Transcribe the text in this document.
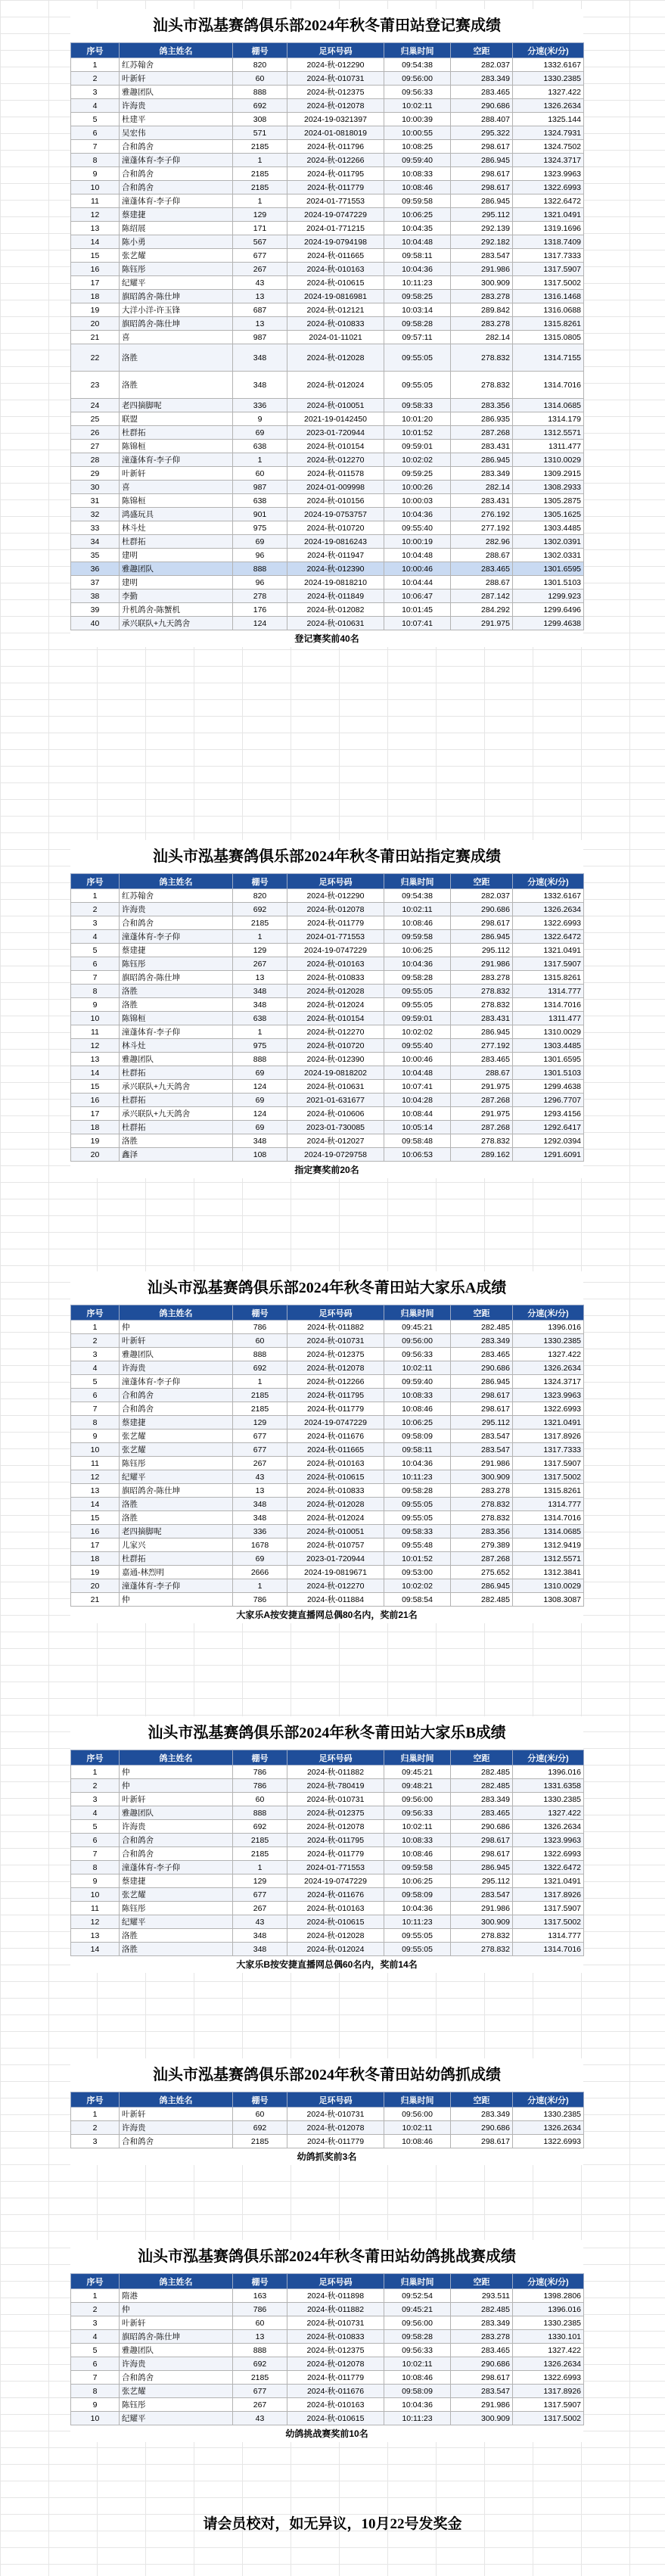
汕头市泓基赛鸽俱乐部2024年秋冬莆田站登记赛成绩
序号	鸽主姓名	棚号	足环号码	归巢时间	空距	分速(米/分)
1	红苏翰舍	820	2024-秋-012290	09:54:38	282.037	1332.6167
2	叶新轩	60	2024-秋-010731	09:56:00	283.349	1330.2385
3	雅趣团队	888	2024-秋-012375	09:56:33	283.465	1327.422
4	许海贵	692	2024-秋-012078	10:02:11	290.686	1326.2634
5	杜建平	308	2024-19-0321397	10:00:39	288.407	1325.144
6	吴宏伟	571	2024-01-0818019	10:00:55	295.322	1324.7931
7	合和鸽舍	2185	2024-秋-011796	10:08:25	298.617	1324.7502
8	潼蓬体育-李子仰	1	2024-秋-012266	09:59:40	286.945	1324.3717
9	合和鸽舍	2185	2024-秋-011795	10:08:33	298.617	1323.9963
10	合和鸽舍	2185	2024-秋-011779	10:08:46	298.617	1322.6993
11	潼蓬体育-李子仰	1	2024-01-771553	09:59:58	286.945	1322.6472
12	蔡建捷	129	2024-19-0747229	10:06:25	295.112	1321.0491
13	陈绍展	171	2024-01-771215	10:04:35	292.139	1319.1696
14	陈小勇	567	2024-19-0794198	10:04:48	292.182	1318.7409
15	张艺耀	677	2024-秋-011665	09:58:11	283.547	1317.7333
16	陈钰彤	267	2024-秋-010163	10:04:36	291.986	1317.5907
17	纪耀平	43	2024-秋-010615	10:11:23	300.909	1317.5002
18	旗昭鸽舍-陈仕坤	13	2024-19-0816981	09:58:25	283.278	1316.1468
19	大洋小洋-许玉锋	687	2024-秋-012121	10:03:14	289.842	1316.0688
20	旗昭鸽舍-陈仕坤	13	2024-秋-010833	09:58:28	283.278	1315.8261
21	喜	987	2024-01-11021	09:57:11	282.14	1315.0805
22	洛胜	348	2024-秋-012028	09:55:05	278.832	1314.7155
23	洛胜	348	2024-秋-012024	09:55:05	278.832	1314.7016
24	老四摘脚呢	336	2024-秋-010051	09:58:33	283.356	1314.0685
25	联盟	9	2021-19-0142450	10:01:20	286.935	1314.179
26	杜群拓	69	2023-01-720944	10:01:52	287.268	1312.5571
27	陈锦桓	638	2024-秋-010154	09:59:01	283.431	1311.477
28	潼蓬体育-李子仰	1	2024-秋-012270	10:02:02	286.945	1310.0029
29	叶新轩	60	2024-秋-011578	09:59:25	283.349	1309.2915
30	喜	987	2024-01-009998	10:00:26	282.14	1308.2933
31	陈锦桓	638	2024-秋-010156	10:00:03	283.431	1305.2875
32	鸿盛玩具	901	2024-19-0753757	10:04:36	276.192	1305.1625
33	林斗灶	975	2024-秋-010720	09:55:40	277.192	1303.4485
34	杜群拓	69	2024-19-0816243	10:00:19	282.96	1302.0391
35	建明	96	2024-秋-011947	10:04:48	288.67	1302.0331
36	雅趣团队	888	2024-秋-012390	10:00:46	283.465	1301.6595
37	建明	96	2024-19-0818210	10:04:44	288.67	1301.5103
38	李勤	278	2024-秋-011849	10:06:47	287.142	1299.923
39	升机鸽舍-陈蟹机	176	2024-秋-012082	10:01:45	284.292	1299.6496
40	承兴联队+九天鸽舍	124	2024-秋-010631	10:07:41	291.975	1299.4638
登记赛奖前40名
汕头市泓基赛鸽俱乐部2024年秋冬莆田站指定赛成绩
序号	鸽主姓名	棚号	足环号码	归巢时间	空距	分速(米/分)
1	红苏翰舍	820	2024-秋-012290	09:54:38	282.037	1332.6167
2	许海贵	692	2024-秋-012078	10:02:11	290.686	1326.2634
3	合和鸽舍	2185	2024-秋-011779	10:08:46	298.617	1322.6993
4	潼蓬体育-李子仰	1	2024-01-771553	09:59:58	286.945	1322.6472
5	蔡建捷	129	2024-19-0747229	10:06:25	295.112	1321.0491
6	陈钰彤	267	2024-秋-010163	10:04:36	291.986	1317.5907
7	旗昭鸽舍-陈仕坤	13	2024-秋-010833	09:58:28	283.278	1315.8261
8	洛胜	348	2024-秋-012028	09:55:05	278.832	1314.777
9	洛胜	348	2024-秋-012024	09:55:05	278.832	1314.7016
10	陈锦桓	638	2024-秋-010154	09:59:01	283.431	1311.477
11	潼蓬体育-李子仰	1	2024-秋-012270	10:02:02	286.945	1310.0029
12	林斗灶	975	2024-秋-010720	09:55:40	277.192	1303.4485
13	雅趣团队	888	2024-秋-012390	10:00:46	283.465	1301.6595
14	杜群拓	69	2024-19-0818202	10:04:48	288.67	1301.5103
15	承兴联队+九天鸽舍	124	2024-秋-010631	10:07:41	291.975	1299.4638
16	杜群拓	69	2021-01-631677	10:04:28	287.268	1296.7707
17	承兴联队+九天鸽舍	124	2024-秋-010606	10:08:44	291.975	1293.4156
18	杜群拓	69	2023-01-730085	10:05:14	287.268	1292.6417
19	洛胜	348	2024-秋-012027	09:58:48	278.832	1292.0394
20	鑫泽	108	2024-19-0729758	10:06:53	289.162	1291.6091
指定赛奖前20名
汕头市泓基赛鸽俱乐部2024年秋冬莆田站大家乐A成绩
序号	鸽主姓名	棚号	足环号码	归巢时间	空距	分速(米/分)
1	仲	786	2024-秋-011882	09:45:21	282.485	1396.016
2	叶新轩	60	2024-秋-010731	09:56:00	283.349	1330.2385
3	雅趣团队	888	2024-秋-012375	09:56:33	283.465	1327.422
4	许海贵	692	2024-秋-012078	10:02:11	290.686	1326.2634
5	潼蓬体育-李子仰	1	2024-秋-012266	09:59:40	286.945	1324.3717
6	合和鸽舍	2185	2024-秋-011795	10:08:33	298.617	1323.9963
7	合和鸽舍	2185	2024-秋-011779	10:08:46	298.617	1322.6993
8	蔡建捷	129	2024-19-0747229	10:06:25	295.112	1321.0491
9	张艺耀	677	2024-秋-011676	09:58:09	283.547	1317.8926
10	张艺耀	677	2024-秋-011665	09:58:11	283.547	1317.7333
11	陈钰彤	267	2024-秋-010163	10:04:36	291.986	1317.5907
12	纪耀平	43	2024-秋-010615	10:11:23	300.909	1317.5002
13	旗昭鸽舍-陈仕坤	13	2024-秋-010833	09:58:28	283.278	1315.8261
14	洛胜	348	2024-秋-012028	09:55:05	278.832	1314.777
15	洛胜	348	2024-秋-012024	09:55:05	278.832	1314.7016
16	老四摘脚呢	336	2024-秋-010051	09:58:33	283.356	1314.0685
17	儿家兴	1678	2024-秋-010757	09:55:48	279.389	1312.9419
18	杜群拓	69	2023-01-720944	10:01:52	287.268	1312.5571
19	嘉通-林烈明	2666	2024-19-0819671	09:53:00	275.652	1312.3841
20	潼蓬体育-李子仰	1	2024-秋-012270	10:02:02	286.945	1310.0029
21	仲	786	2024-秋-011884	09:58:54	282.485	1308.3087
大家乐A按安捷直播网总偶80名内，奖前21名
汕头市泓基赛鸽俱乐部2024年秋冬莆田站大家乐B成绩
序号	鸽主姓名	棚号	足环号码	归巢时间	空距	分速(米/分)
1	仲	786	2024-秋-011882	09:45:21	282.485	1396.016
2	仲	786	2024-秋-780419	09:48:21	282.485	1331.6358
3	叶新轩	60	2024-秋-010731	09:56:00	283.349	1330.2385
4	雅趣团队	888	2024-秋-012375	09:56:33	283.465	1327.422
5	许海贵	692	2024-秋-012078	10:02:11	290.686	1326.2634
6	合和鸽舍	2185	2024-秋-011795	10:08:33	298.617	1323.9963
7	合和鸽舍	2185	2024-秋-011779	10:08:46	298.617	1322.6993
8	潼蓬体育-李子仰	1	2024-01-771553	09:59:58	286.945	1322.6472
9	蔡建捷	129	2024-19-0747229	10:06:25	295.112	1321.0491
10	张艺耀	677	2024-秋-011676	09:58:09	283.547	1317.8926
11	陈钰彤	267	2024-秋-010163	10:04:36	291.986	1317.5907
12	纪耀平	43	2024-秋-010615	10:11:23	300.909	1317.5002
13	洛胜	348	2024-秋-012028	09:55:05	278.832	1314.777
14	洛胜	348	2024-秋-012024	09:55:05	278.832	1314.7016
大家乐B按安捷直播网总偶60名内，奖前14名
汕头市泓基赛鸽俱乐部2024年秋冬莆田站幼鸽抓成绩
序号	鸽主姓名	棚号	足环号码	归巢时间	空距	分速(米/分)
1	叶新轩	60	2024-秋-010731	09:56:00	283.349	1330.2385
2	许海贵	692	2024-秋-012078	10:02:11	290.686	1326.2634
3	合和鸽舍	2185	2024-秋-011779	10:08:46	298.617	1322.6993
幼鸽抓奖前3名
汕头市泓基赛鸽俱乐部2024年秋冬莆田站幼鸽挑战赛成绩
序号	鸽主姓名	棚号	足环号码	归巢时间	空距	分速(米/分)
1	隋港	163	2024-秋-011898	09:52:54	293.511	1398.2806
2	仲	786	2024-秋-011882	09:45:21	282.485	1396.016
3	叶新轩	60	2024-秋-010731	09:56:00	283.349	1330.2385
4	旗昭鸽舍-陈仕坤	13	2024-秋-010833	09:58:28	283.278	1330.101
5	雅趣团队	888	2024-秋-012375	09:56:33	283.465	1327.422
6	许海贵	692	2024-秋-012078	10:02:11	290.686	1326.2634
7	合和鸽舍	2185	2024-秋-011779	10:08:46	298.617	1322.6993
8	张艺耀	677	2024-秋-011676	09:58:09	283.547	1317.8926
9	陈钰彤	267	2024-秋-010163	10:04:36	291.986	1317.5907
10	纪耀平	43	2024-秋-010615	10:11:23	300.909	1317.5002
幼鸽挑战赛奖前10名
请会员校对，如无异议，10月22号发奖金
